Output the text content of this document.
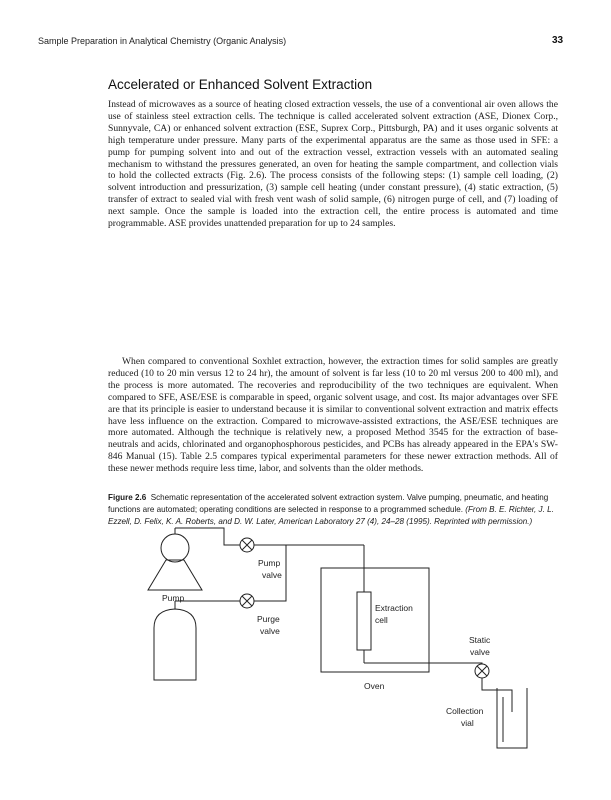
Sample Preparation in Analytical Chemistry (Organic Analysis)	33
Accelerated or Enhanced Solvent Extraction

Instead of microwaves as a source of heating closed extraction vessels, the use of a conventional air oven allows the use of stainless steel extraction cells. The technique is called accelerated solvent extraction (ASE, Dionex Corp., Sunnyvale, CA) or enhanced solvent extraction (ESE, Suprex Corp., Pittsburgh, PA) and it uses organic solvents at high temperature under pressure. Many parts of the experimental apparatus are the same as those used in SFE: a pump for pumping solvent into and out of the extraction vessel, extraction vessels with an automated sealing mechanism to withstand the pressures generated, an oven for heating the sample compartment, and collection vials to hold the collected extracts (Fig. 2.6). The process consists of the following steps: (1) sample cell loading, (2) solvent introduction and pressurization, (3) sample cell heating (under constant pressure), (4) static extraction, (5) transfer of extract to sealed vial with fresh vent wash of solid sample, (6) nitrogen purge of cell, and (7) loading of next sample. Once the sample is loaded into the extraction cell, the entire process is automated and time programmable. ASE provides unattended preparation for up to 24 samples.

When compared to conventional Soxhlet extraction, however, the extraction times for solid samples are greatly reduced (10 to 20 min versus 12 to 24 hr), the amount of solvent is far less (10 to 20 ml versus 200 to 400 ml), and the process is more automated. The recoveries and reproducibility of the two techniques are equivalent. When compared to SFE, ASE/ESE is comparable in speed, organic solvent usage, and cost. Its major advantages over SFE are that its principle is easier to understand because it is similar to conventional solvent extraction and matrix effects have less influence on the extraction. Compared to microwave-assisted extractions, the ASE/ESE techniques are more automated. Although the technique is relatively new, a proposed Method 3545 for the extraction of base-neutrals and acids, chlorinated and organophosphorous pesticides, and PCBs has already appeared in the EPA's SW-846 Manual (15). Table 2.5 compares typical experimental parameters for these newer extraction methods. All of these newer methods require less time, labor, and solvents than the older methods.

Figure 2.6 Schematic representation of the accelerated solvent extraction system. Valve pumping, pneumatic, and heating functions are automated; operating conditions are selected in response to a programmed schedule. (From B. E. Richter, J. L. Ezzell, D. Felix, K. A. Roberts, and D. W. Later, American Laboratory 27 (4), 24–28 (1995). Reprinted with permission.)

Pump
Pump
valve
Purge
valve
Extraction
cell
Static
valve
Oven
Collection
vial
